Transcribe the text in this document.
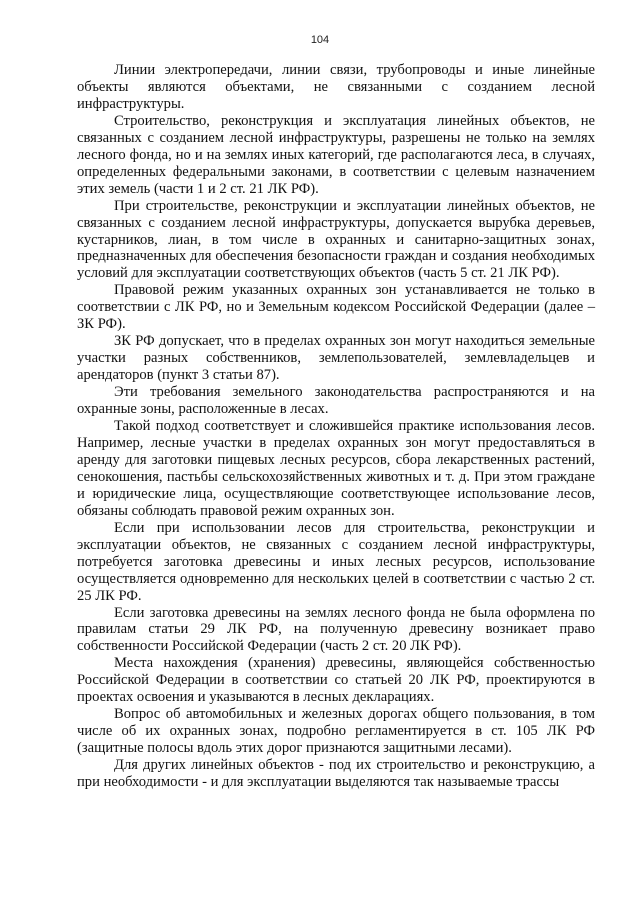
104

Линии электропередачи, линии связи, трубопроводы и иные линейные объекты являются объектами, не связанными с созданием лесной инфраструктуры.

Строительство, реконструкция и эксплуатация линейных объектов, не связанных с созданием лесной инфраструктуры, разрешены не только на землях лесного фонда, но и на землях иных категорий, где располагаются леса, в случаях, определенных федеральными законами, в соответствии с целевым назначением этих земель (части 1 и 2 ст. 21 ЛК РФ).

При строительстве, реконструкции и эксплуатации линейных объектов, не связанных с созданием лесной инфраструктуры, допускается вырубка деревьев, кустарников, лиан, в том числе в охранных и санитарно-защитных зонах, предназначенных для обеспечения безопасности граждан и создания необходимых условий для эксплуатации соответствующих объектов (часть 5 ст. 21 ЛК РФ).

Правовой режим указанных охранных зон устанавливается не только в соответствии с ЛК РФ, но и Земельным кодексом Российской Федерации (далее – ЗК РФ).

ЗК РФ допускает, что в пределах охранных зон могут находиться земельные участки разных собственников, землепользователей, землевладельцев и арендаторов (пункт 3 статьи 87).

Эти требования земельного законодательства распространяются и на охранные зоны, расположенные в лесах.

Такой подход соответствует и сложившейся практике использования лесов. Например, лесные участки в пределах охранных зон могут предоставляться в аренду для заготовки пищевых лесных ресурсов, сбора лекарственных растений, сенокошения, пастьбы сельскохозяйственных животных и т. д. При этом граждане и юридические лица, осуществляющие соответствующее использование лесов, обязаны соблюдать правовой режим охранных зон.

Если при использовании лесов для строительства, реконструкции и эксплуатации объектов, не связанных с созданием лесной инфраструктуры, потребуется заготовка древесины и иных лесных ресурсов, использование осуществляется одновременно для нескольких целей в соответствии с частью 2 ст. 25 ЛК РФ.

Если заготовка древесины на землях лесного фонда не была оформлена по правилам статьи 29 ЛК РФ, на полученную древесину возникает право собственности Российской Федерации (часть 2 ст. 20 ЛК РФ).

Места нахождения (хранения) древесины, являющейся собственностью Российской Федерации в соответствии со статьей 20 ЛК РФ, проектируются в проектах освоения и указываются в лесных декларациях.

Вопрос об автомобильных и железных дорогах общего пользования, в том числе об их охранных зонах, подробно регламентируется в ст. 105 ЛК РФ (защитные полосы вдоль этих дорог признаются защитными лесами).

Для других линейных объектов - под их строительство и реконструкцию, а при необходимости - и для эксплуатации выделяются так называемые трассы
